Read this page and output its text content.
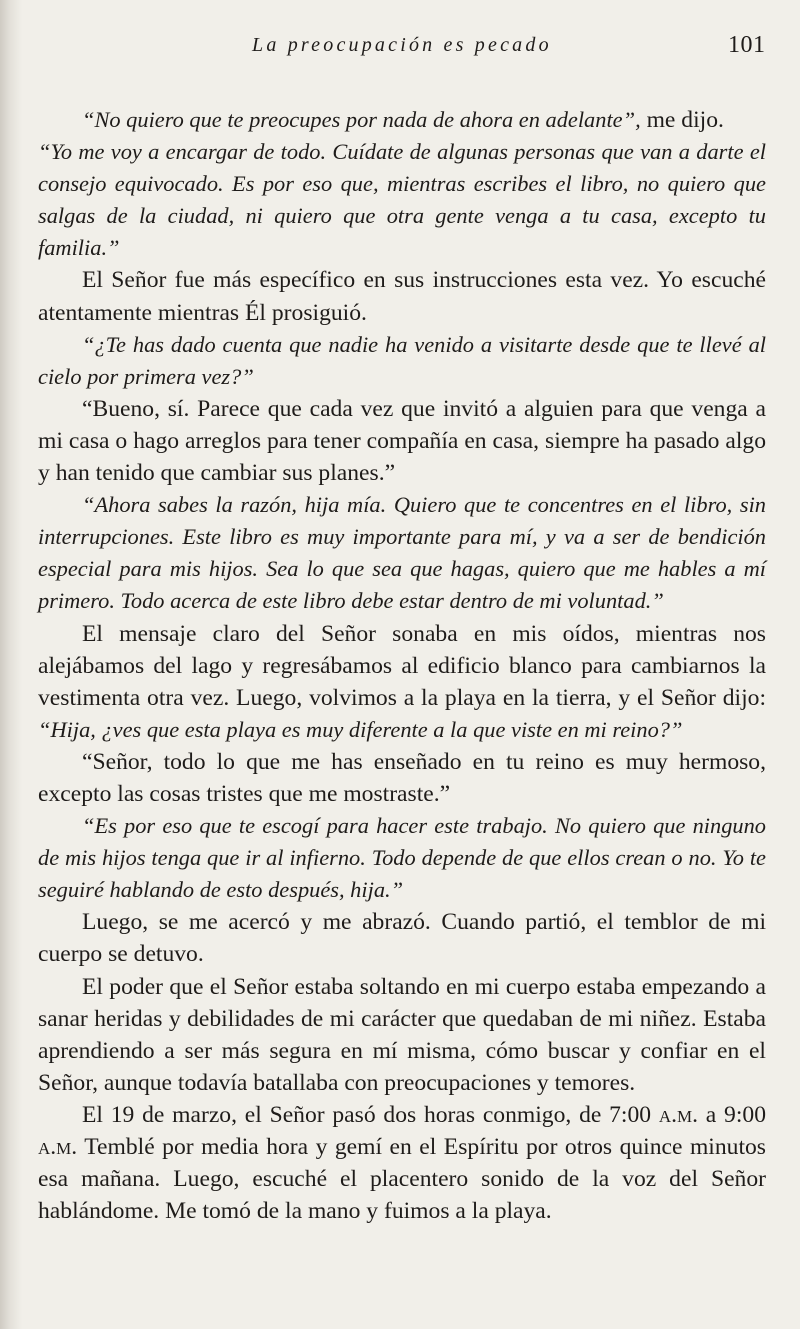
La preocupación es pecado	101

“No quiero que te preocupes por nada de ahora en adelante”, me dijo.

“Yo me voy a encargar de todo. Cuídate de algunas personas que van a darte el consejo equivocado. Es por eso que, mientras escribes el libro, no quiero que salgas de la ciudad, ni quiero que otra gente venga a tu casa, excepto tu familia.”

El Señor fue más específico en sus instrucciones esta vez. Yo escuché atentamente mientras Él prosiguió.

“¿Te has dado cuenta que nadie ha venido a visitarte desde que te llevé al cielo por primera vez?”

“Bueno, sí. Parece que cada vez que invitó a alguien para que venga a mi casa o hago arreglos para tener compañía en casa, siempre ha pasado algo y han tenido que cambiar sus planes.”

“Ahora sabes la razón, hija mía. Quiero que te concentres en el libro, sin interrupciones. Este libro es muy importante para mí, y va a ser de bendición especial para mis hijos. Sea lo que sea que hagas, quiero que me hables a mí primero. Todo acerca de este libro debe estar dentro de mi voluntad.”

El mensaje claro del Señor sonaba en mis oídos, mientras nos alejábamos del lago y regresábamos al edificio blanco para cambiarnos la vestimenta otra vez. Luego, volvimos a la playa en la tierra, y el Señor dijo: “Hija, ¿ves que esta playa es muy diferente a la que viste en mi reino?”

“Señor, todo lo que me has enseñado en tu reino es muy hermoso, excepto las cosas tristes que me mostraste.”

“Es por eso que te escogí para hacer este trabajo. No quiero que ninguno de mis hijos tenga que ir al infierno. Todo depende de que ellos crean o no. Yo te seguiré hablando de esto después, hija.”

Luego, se me acercó y me abrazó. Cuando partió, el temblor de mi cuerpo se detuvo.

El poder que el Señor estaba soltando en mi cuerpo estaba empezando a sanar heridas y debilidades de mi carácter que quedaban de mi niñez. Estaba aprendiendo a ser más segura en mí misma, cómo buscar y confiar en el Señor, aunque todavía batallaba con preocupaciones y temores.

El 19 de marzo, el Señor pasó dos horas conmigo, de 7:00 a.m. a 9:00 a.m. Temblé por media hora y gemí en el Espíritu por otros quince minutos esa mañana. Luego, escuché el placentero sonido de la voz del Señor hablándome. Me tomó de la mano y fuimos a la playa.
